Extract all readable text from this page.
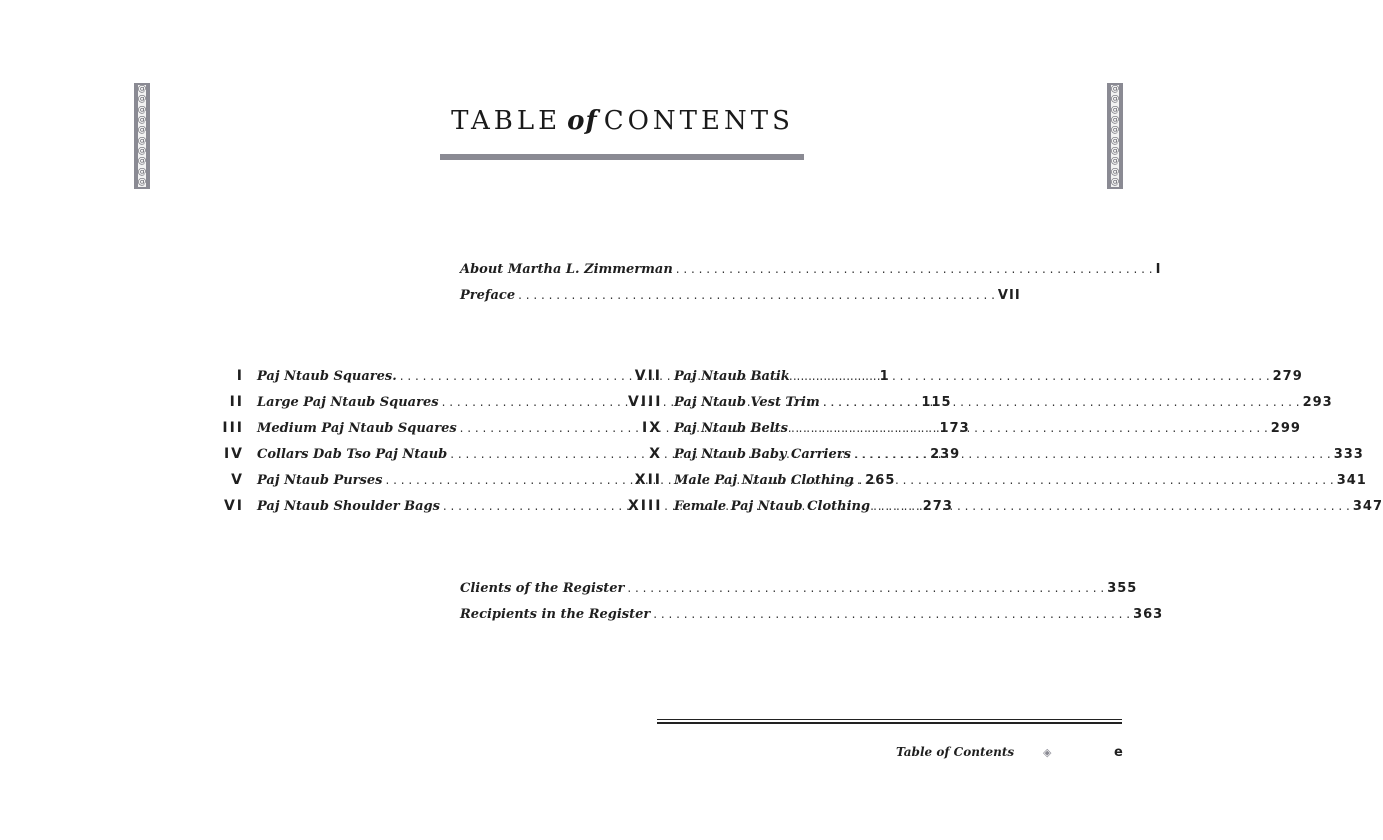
@
@
@
@
@
@
@
@
@
@
@
@
@
@
@
@
@
@
@
@
TABLE of CONTENTS
About Martha L. Zimmerman . . .	I
Preface . . .	VII
I Paj Ntaub Squares. . . .	1
II Large Paj Ntaub Squares . . .	115
III Medium Paj Ntaub Squares . . .	173
IV Collars Dab Tso Paj Ntaub . . .	239
V Paj Ntaub Purses . . .	265
VI Paj Ntaub Shoulder Bags . . .	273
VII Paj Ntaub Batik . . .	279
VIII Paj Ntaub Vest Trim . . .	293
IX Paj Ntaub Belts . . .	299
X Paj Ntaub Baby Carriers . . .	333
XII Male Paj Ntaub Clothing . . .	341
XIII Female Paj Ntaub Clothing . . .	347
Clients of the Register . . .	355
Recipients in the Register . . .	363
Table of Contents	◈	e
